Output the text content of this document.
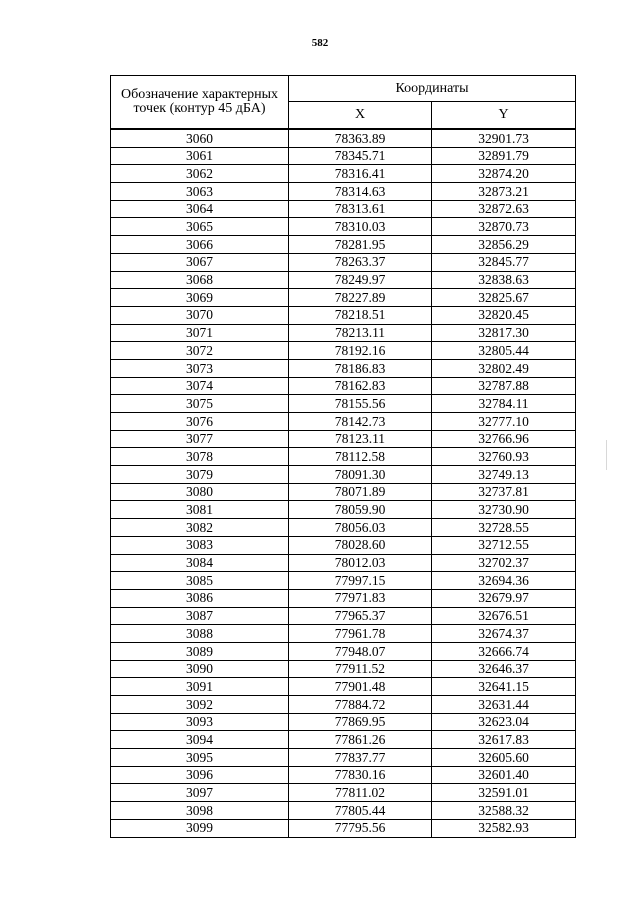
582
Обозначение характерных точек (контур 45 дБА)	Координаты	
	X	Y
3060	78363.89	32901.73
3061	78345.71	32891.79
3062	78316.41	32874.20
3063	78314.63	32873.21
3064	78313.61	32872.63
3065	78310.03	32870.73
3066	78281.95	32856.29
3067	78263.37	32845.77
3068	78249.97	32838.63
3069	78227.89	32825.67
3070	78218.51	32820.45
3071	78213.11	32817.30
3072	78192.16	32805.44
3073	78186.83	32802.49
3074	78162.83	32787.88
3075	78155.56	32784.11
3076	78142.73	32777.10
3077	78123.11	32766.96
3078	78112.58	32760.93
3079	78091.30	32749.13
3080	78071.89	32737.81
3081	78059.90	32730.90
3082	78056.03	32728.55
3083	78028.60	32712.55
3084	78012.03	32702.37
3085	77997.15	32694.36
3086	77971.83	32679.97
3087	77965.37	32676.51
3088	77961.78	32674.37
3089	77948.07	32666.74
3090	77911.52	32646.37
3091	77901.48	32641.15
3092	77884.72	32631.44
3093	77869.95	32623.04
3094	77861.26	32617.83
3095	77837.77	32605.60
3096	77830.16	32601.40
3097	77811.02	32591.01
3098	77805.44	32588.32
3099	77795.56	32582.93
